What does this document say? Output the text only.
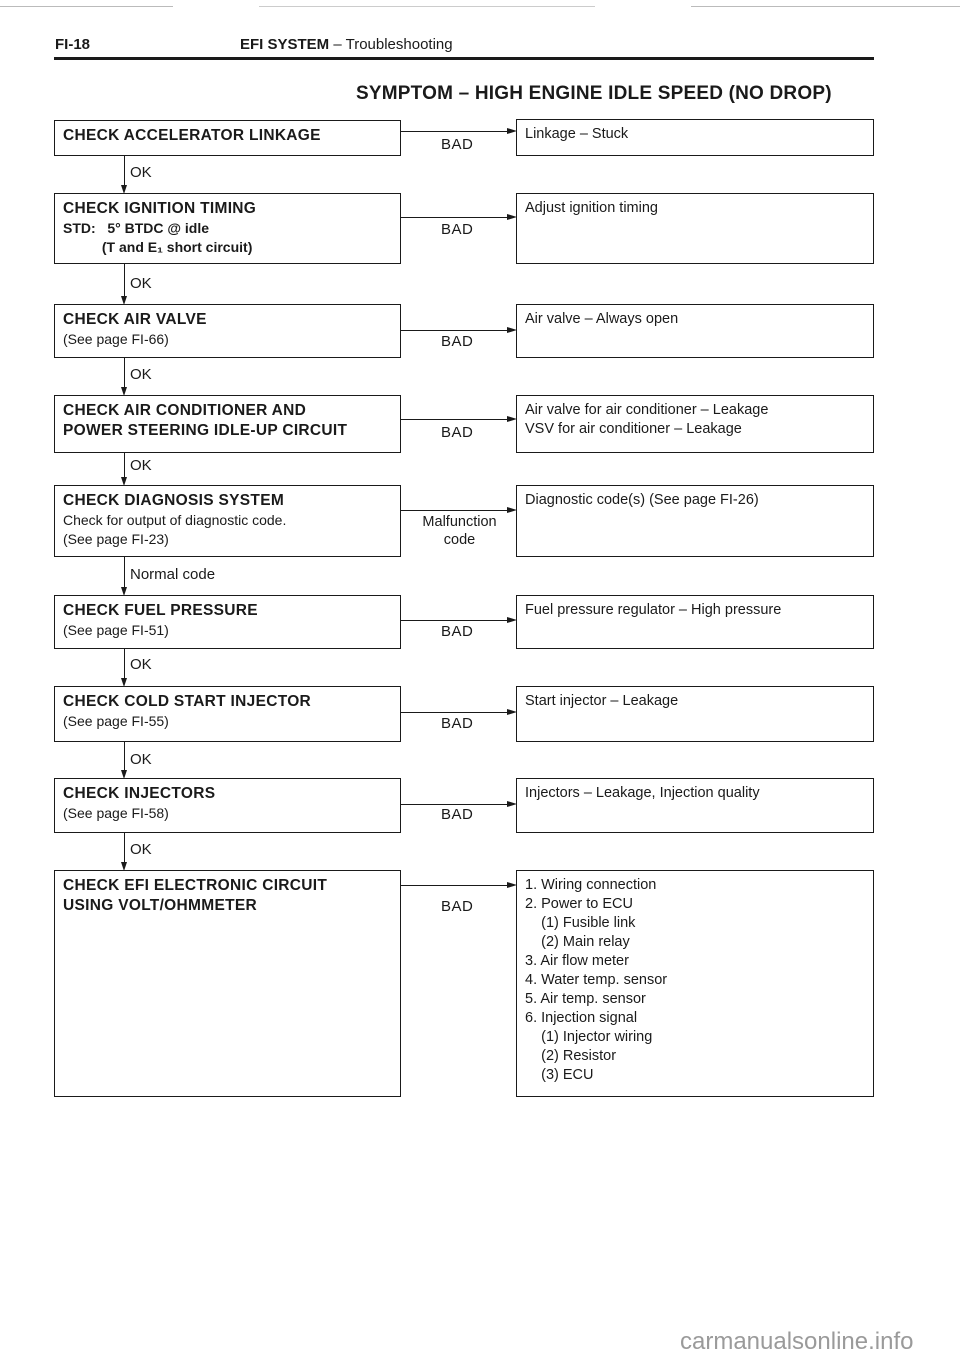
FI-18	EFI SYSTEM – Troubleshooting
SYMPTOM – HIGH ENGINE IDLE SPEED (NO DROP)
CHECK ACCELERATOR LINKAGE
BAD
Linkage – Stuck
OK
CHECK IGNITION TIMING
STD:   5° BTDC @ idle
(T and E₁ short circuit)
BAD
Adjust ignition timing
OK
CHECK AIR VALVE
(See page FI-66)	BAD
Air valve – Always open
OK
CHECK AIR CONDITIONER AND
POWER STEERING IDLE-UP CIRCUIT	BAD
Air valve for air conditioner – Leakage
VSV for air conditioner – Leakage
OK
CHECK DIAGNOSIS SYSTEM
Check for output of diagnostic code.
(See page FI-23)
Malfunction
code
Diagnostic code(s) (See page FI-26)
Normal code
CHECK FUEL PRESSURE
(See page FI-51)	BAD
Fuel pressure regulator – High pressure
OK
CHECK COLD START INJECTOR
(See page FI-55)	BAD
Start injector – Leakage
OK
CHECK INJECTORS
(See page FI-58)	BAD
Injectors – Leakage, Injection quality
OK
CHECK EFI ELECTRONIC CIRCUIT
USING VOLT/OHMMETER	BAD
1. Wiring connection
2. Power to ECU
(1) Fusible link
(2) Main relay
3. Air flow meter
4. Water temp. sensor
5. Air temp. sensor
6. Injection signal
(1) Injector wiring
(2) Resistor
(3) ECU
carmanualsonline.info
